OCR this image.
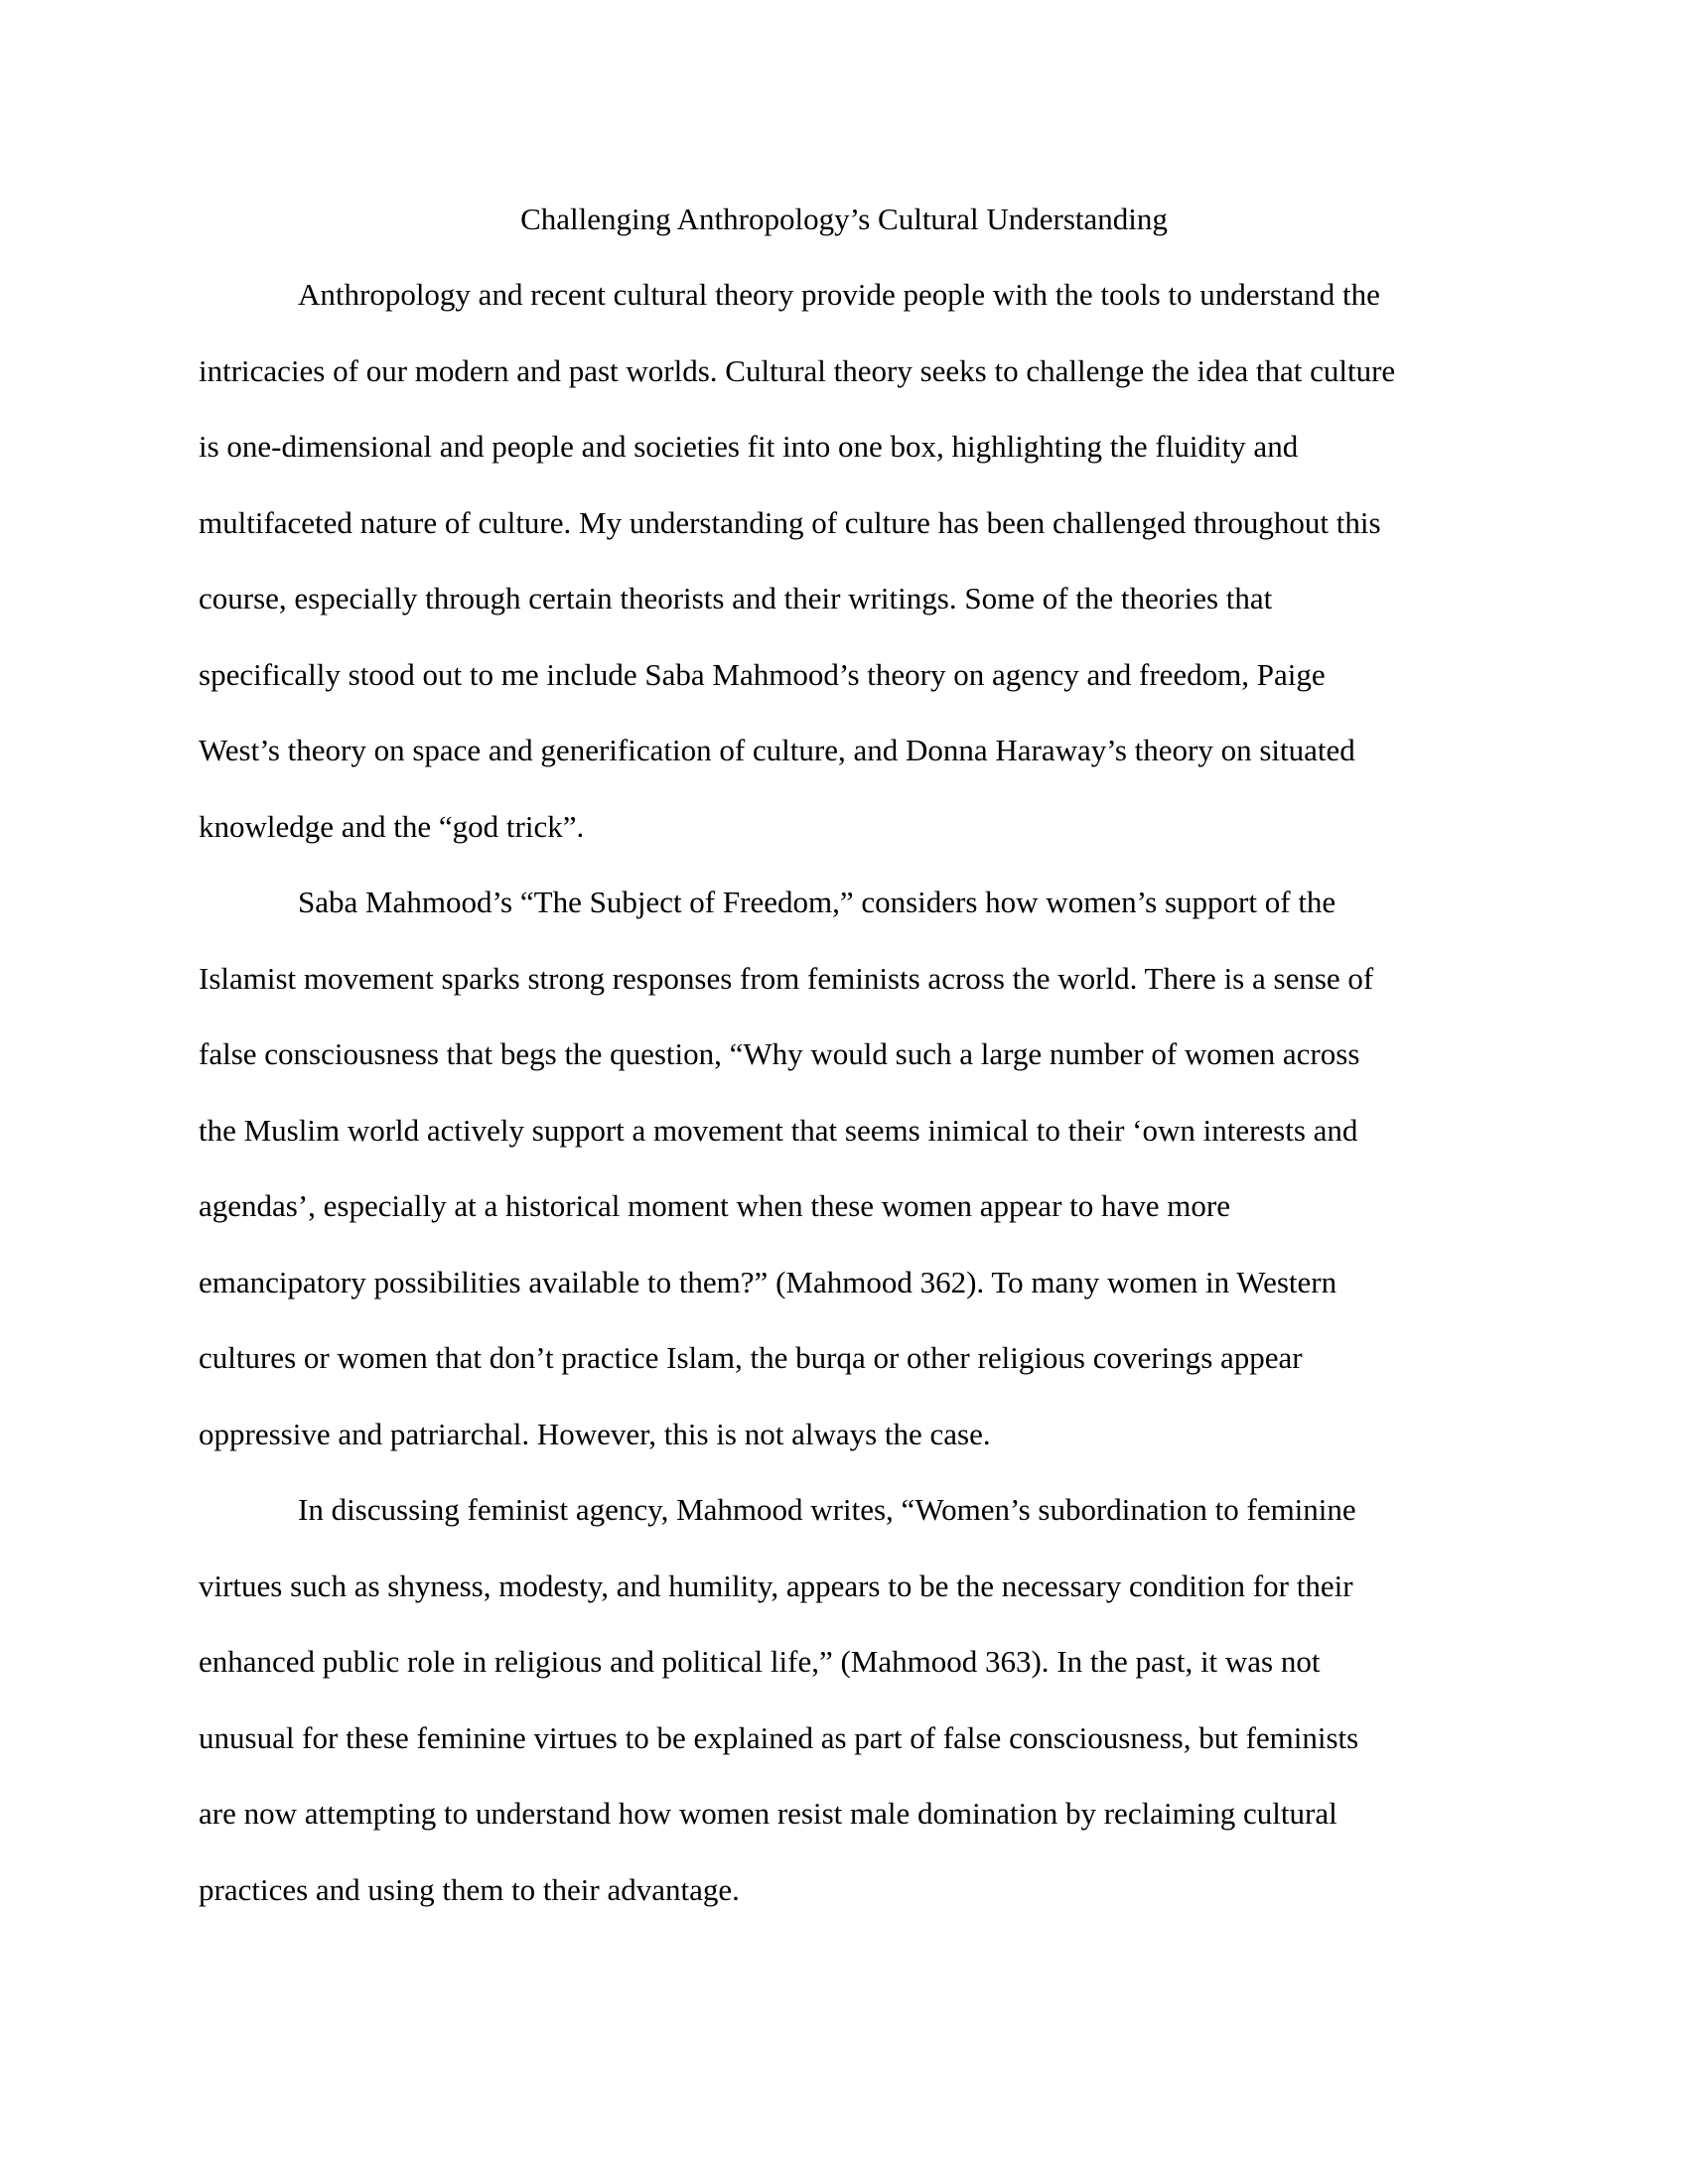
Challenging Anthropology’s Cultural Understanding

Anthropology and recent cultural theory provide people with the tools to understand the

intricacies of our modern and past worlds. Cultural theory seeks to challenge the idea that culture

is one-dimensional and people and societies fit into one box, highlighting the fluidity and

multifaceted nature of culture. My understanding of culture has been challenged throughout this

course, especially through certain theorists and their writings. Some of the theories that

specifically stood out to me include Saba Mahmood’s theory on agency and freedom, Paige

West’s theory on space and generification of culture, and Donna Haraway’s theory on situated

knowledge and the “god trick”.

Saba Mahmood’s “The Subject of Freedom,” considers how women’s support of the

Islamist movement sparks strong responses from feminists across the world. There is a sense of

false consciousness that begs the question, “Why would such a large number of women across

the Muslim world actively support a movement that seems inimical to their ‘own interests and

agendas’, especially at a historical moment when these women appear to have more

emancipatory possibilities available to them?” (Mahmood 362). To many women in Western

cultures or women that don’t practice Islam, the burqa or other religious coverings appear

oppressive and patriarchal. However, this is not always the case.

In discussing feminist agency, Mahmood writes, “Women’s subordination to feminine

virtues such as shyness, modesty, and humility, appears to be the necessary condition for their

enhanced public role in religious and political life,” (Mahmood 363). In the past, it was not

unusual for these feminine virtues to be explained as part of false consciousness, but feminists

are now attempting to understand how women resist male domination by reclaiming cultural

practices and using them to their advantage.
